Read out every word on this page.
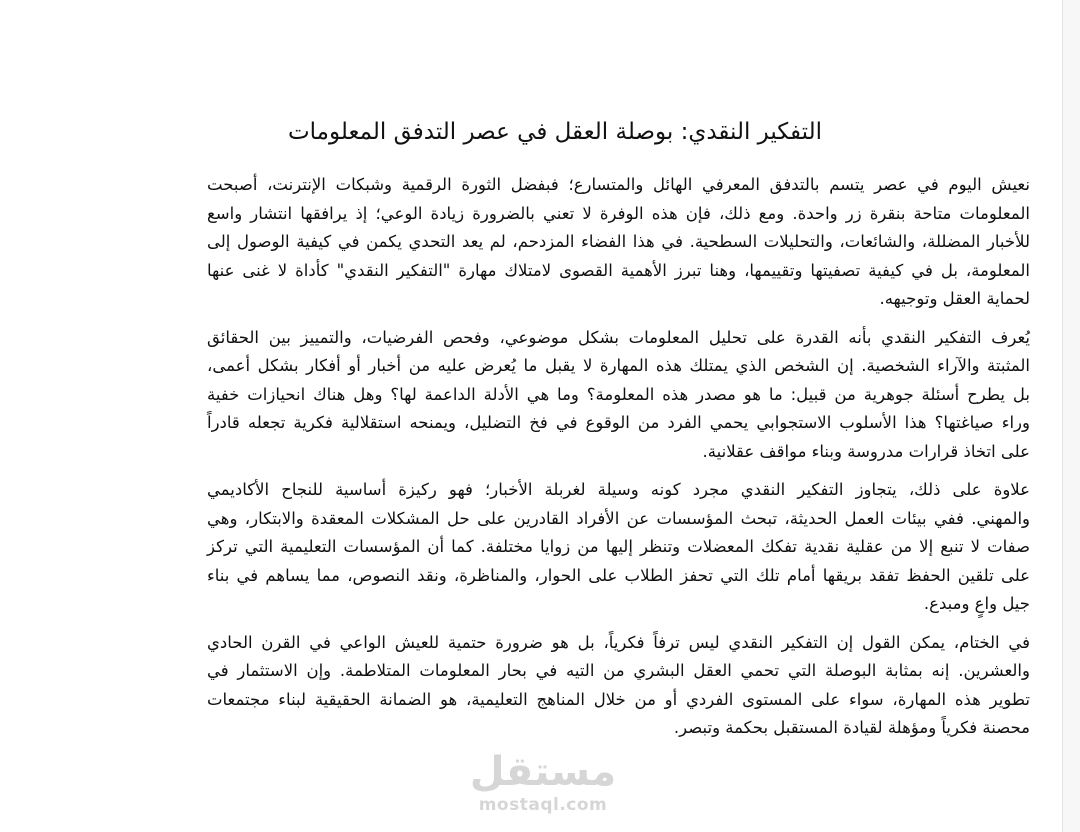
التفكير النقدي: بوصلة العقل في عصر التدفق المعلومات
نعيش اليوم في عصر يتسم بالتدفق المعرفي الهائل والمتسارع؛ فبفضل الثورة الرقمية وشبكات الإنترنت، أصبحت
المعلومات متاحة بنقرة زر واحدة. ومع ذلك، فإن هذه الوفرة لا تعني بالضرورة زيادة الوعي؛ إذ يرافقها انتشار واسع
للأخبار المضللة، والشائعات، والتحليلات السطحية. في هذا الفضاء المزدحم، لم يعد التحدي يكمن في كيفية الوصول إلى
المعلومة، بل في كيفية تصفيتها وتقييمها، وهنا تبرز الأهمية القصوى لامتلاك مهارة "التفكير النقدي" كأداة لا غنى عنها
لحماية العقل وتوجيهه.
يُعرف التفكير النقدي بأنه القدرة على تحليل المعلومات بشكل موضوعي، وفحص الفرضيات، والتمييز بين الحقائق
المثبتة والآراء الشخصية. إن الشخص الذي يمتلك هذه المهارة لا يقبل ما يُعرض عليه من أخبار أو أفكار بشكل أعمى،
بل يطرح أسئلة جوهرية من قبيل: ما هو مصدر هذه المعلومة؟ وما هي الأدلة الداعمة لها؟ وهل هناك انحيازات خفية
وراء صياغتها؟ هذا الأسلوب الاستجوابي يحمي الفرد من الوقوع في فخ التضليل، ويمنحه استقلالية فكرية تجعله قادراً
على اتخاذ قرارات مدروسة وبناء مواقف عقلانية.
علاوة على ذلك، يتجاوز التفكير النقدي مجرد كونه وسيلة لغربلة الأخبار؛ فهو ركيزة أساسية للنجاح الأكاديمي
والمهني. ففي بيئات العمل الحديثة، تبحث المؤسسات عن الأفراد القادرين على حل المشكلات المعقدة والابتكار، وهي
صفات لا تنبع إلا من عقلية نقدية تفكك المعضلات وتنظر إليها من زوايا مختلفة. كما أن المؤسسات التعليمية التي تركز
على تلقين الحفظ تفقد بريقها أمام تلك التي تحفز الطلاب على الحوار، والمناظرة، ونقد النصوص، مما يساهم في بناء
جيل واعٍ ومبدع.
في الختام، يمكن القول إن التفكير النقدي ليس ترفاً فكرياً، بل هو ضرورة حتمية للعيش الواعي في القرن الحادي
والعشرين. إنه بمثابة البوصلة التي تحمي العقل البشري من التيه في بحار المعلومات المتلاطمة. وإن الاستثمار في
تطوير هذه المهارة، سواء على المستوى الفردي أو من خلال المناهج التعليمية، هو الضمانة الحقيقية لبناء مجتمعات
محصنة فكرياً ومؤهلة لقيادة المستقبل بحكمة وتبصر.
مستقل
mostaql.com
